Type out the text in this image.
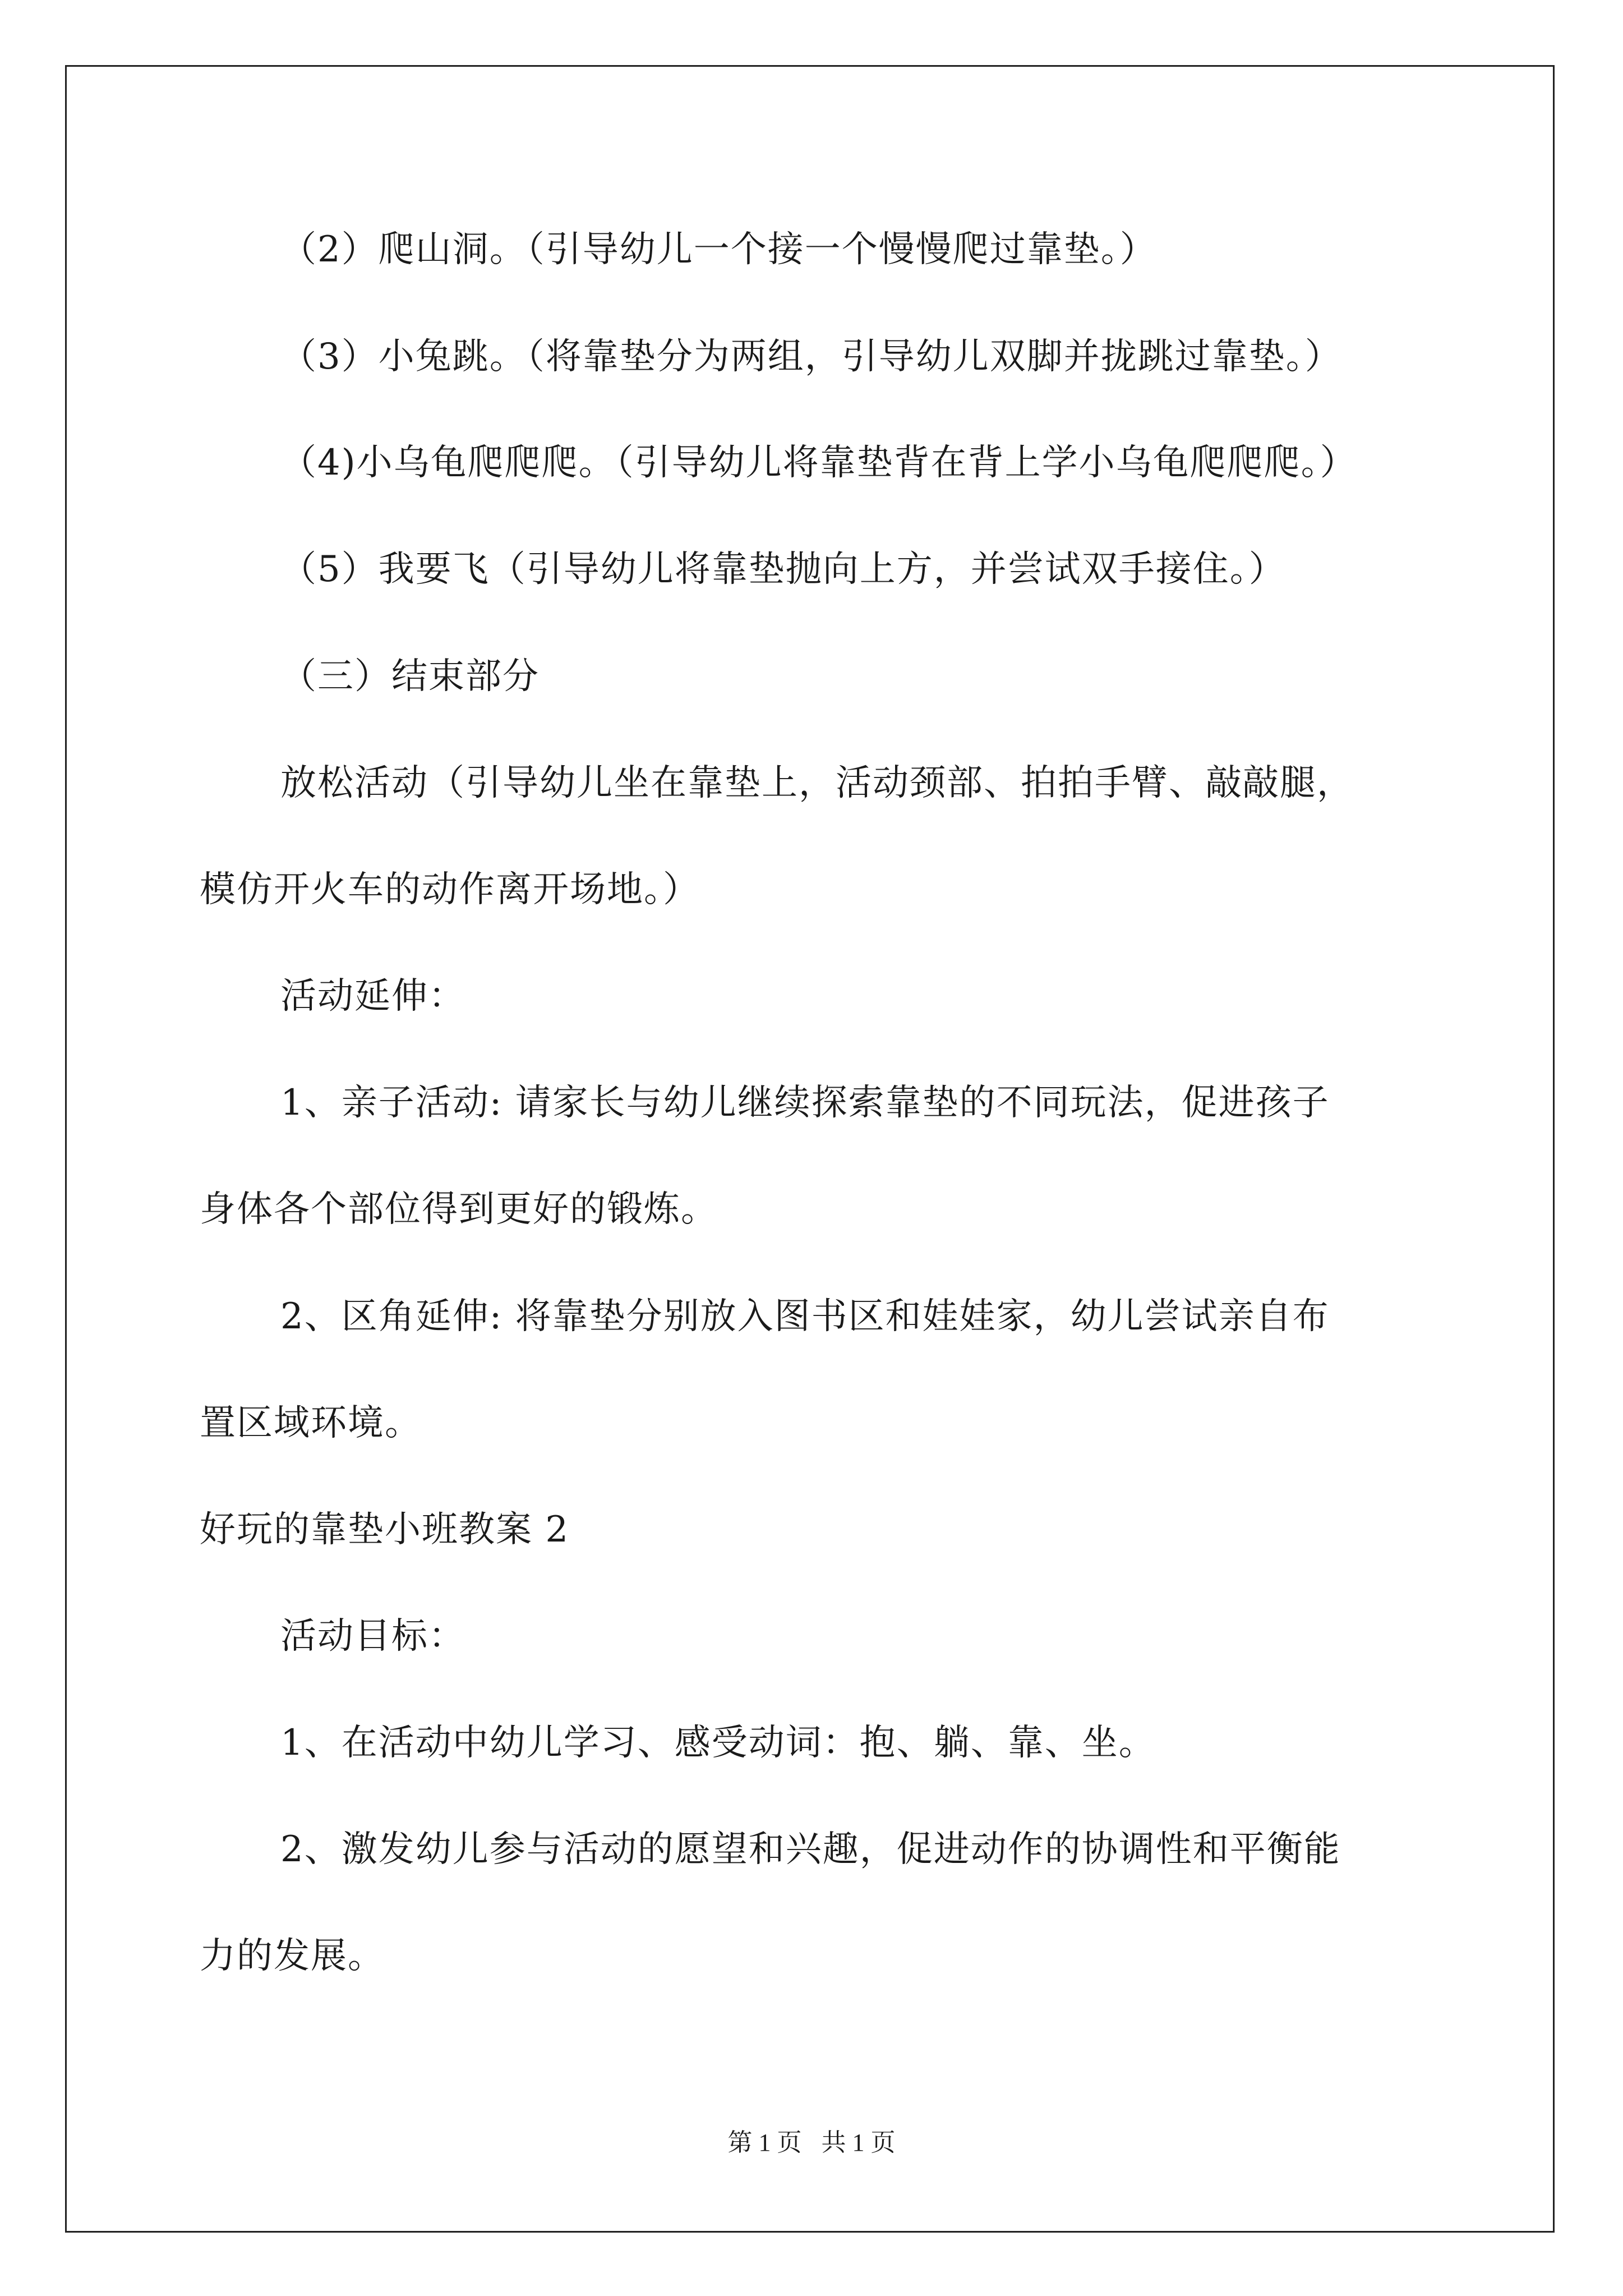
（2）爬山洞。（引导幼儿一个接一个慢慢爬过靠垫。）
（3）小兔跳。（将靠垫分为两组，引导幼儿双脚并拢跳过靠垫。）
（4)小乌龟爬爬爬。（引导幼儿将靠垫背在背上学小乌龟爬爬爬。）
（5）我要飞（引导幼儿将靠垫抛向上方，并尝试双手接住。）
（三）结束部分
放松活动（引导幼儿坐在靠垫上，活动颈部、拍拍手臂、敲敲腿，
模仿开火车的动作离开场地。）
活动延伸：
1、亲子活动: 请家长与幼儿继续探索靠垫的不同玩法，促进孩子
身体各个部位得到更好的锻炼。
2、区角延伸: 将靠垫分别放入图书区和娃娃家，幼儿尝试亲自布
置区域环境。
好玩的靠垫小班教案 2
活动目标：
1、在活动中幼儿学习、感受动词：抱、躺、靠、坐。
2、激发幼儿参与活动的愿望和兴趣，促进动作的协调性和平衡能
力的发展。
第 1 页 共 1 页
